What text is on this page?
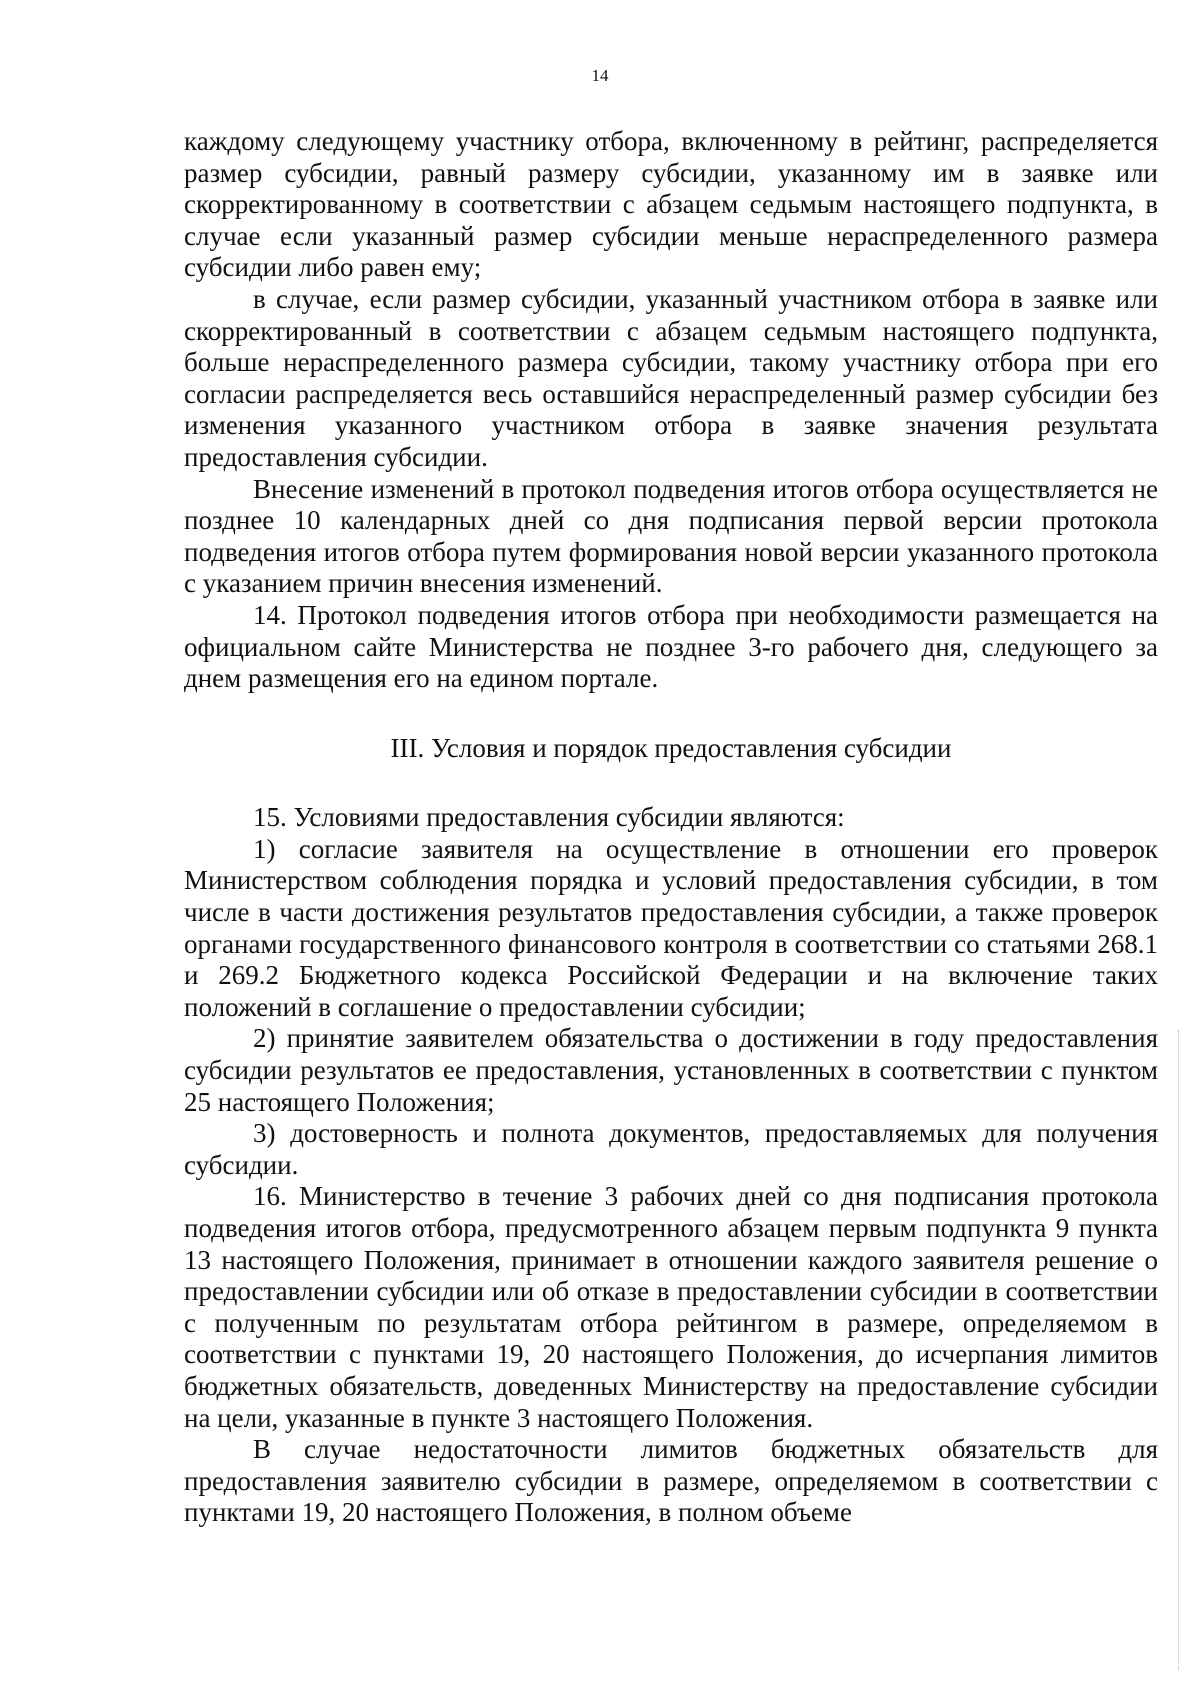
14

каждому следующему участнику отбора, включенному в рейтинг, распределяется размер субсидии, равный размеру субсидии, указанному им в заявке или скорректированному в соответствии с абзацем седьмым настоящего подпункта, в случае если указанный размер субсидии меньше нераспределенного размера субсидии либо равен ему;

в случае, если размер субсидии, указанный участником отбора в заявке или скорректированный в соответствии с абзацем седьмым настоящего подпункта, больше нераспределенного размера субсидии, такому участнику отбора при его согласии распределяется весь оставшийся нераспределенный размер субсидии без изменения указанного участником отбора в заявке значения результата предоставления субсидии.

Внесение изменений в протокол подведения итогов отбора осуществляется не позднее 10 календарных дней со дня подписания первой версии протокола подведения итогов отбора путем формирования новой версии указанного протокола с указанием причин внесения изменений.

14. Протокол подведения итогов отбора при необходимости размещается на официальном сайте Министерства не позднее 3-го рабочего дня, следующего за днем размещения его на едином портале.

III. Условия и порядок предоставления субсидии

15. Условиями предоставления субсидии являются:

1) согласие заявителя на осуществление в отношении его проверок Министерством соблюдения порядка и условий предоставления субсидии, в том числе в части достижения результатов предоставления субсидии, а также проверок органами государственного финансового контроля в соответствии со статьями 268.1 и 269.2 Бюджетного кодекса Российской Федерации и на включение таких положений в соглашение о предоставлении субсидии;

2) принятие заявителем обязательства о достижении в году предоставления субсидии результатов ее предоставления, установленных в соответствии с пунктом 25 настоящего Положения;

3) достоверность и полнота документов, предоставляемых для получения субсидии.

16. Министерство в течение 3 рабочих дней со дня подписания протокола подведения итогов отбора, предусмотренного абзацем первым подпункта 9 пункта 13 настоящего Положения, принимает в отношении каждого заявителя решение о предоставлении субсидии или об отказе в предоставлении субсидии в соответствии с полученным по результатам отбора рейтингом в размере, определяемом в соответствии с пунктами 19, 20 настоящего Положения, до исчерпания лимитов бюджетных обязательств, доведенных Министерству на предоставление субсидии на цели, указанные в пункте 3 настоящего Положения.

В случае недостаточности лимитов бюджетных обязательств для предоставления заявителю субсидии в размере, определяемом в соответствии с пунктами 19, 20 настоящего Положения, в полном объеме
